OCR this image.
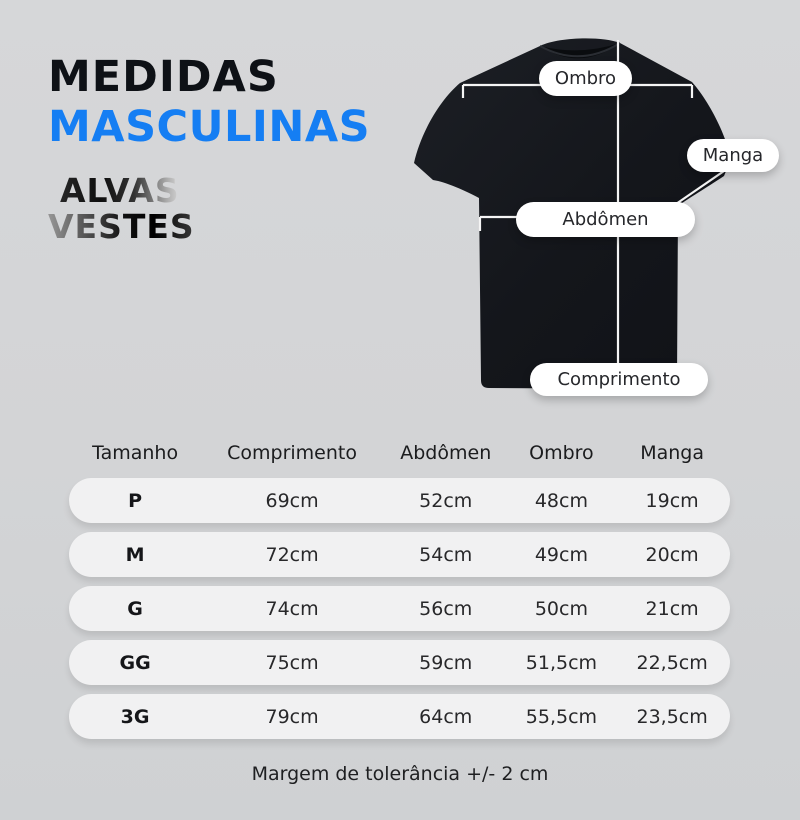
MEDIDAS
MASCULINAS
ALVAS
VESTES
Ombro
Manga
Abdômen
Comprimento
Tamanho	Comprimento	Abdômen	Ombro	Manga
P	69cm	52cm	48cm	19cm
M	72cm	54cm	49cm	20cm
G	74cm	56cm	50cm	21cm
GG	75cm	59cm	51,5cm	22,5cm
3G	79cm	64cm	55,5cm	23,5cm
Margem de tolerância +/- 2 cm
